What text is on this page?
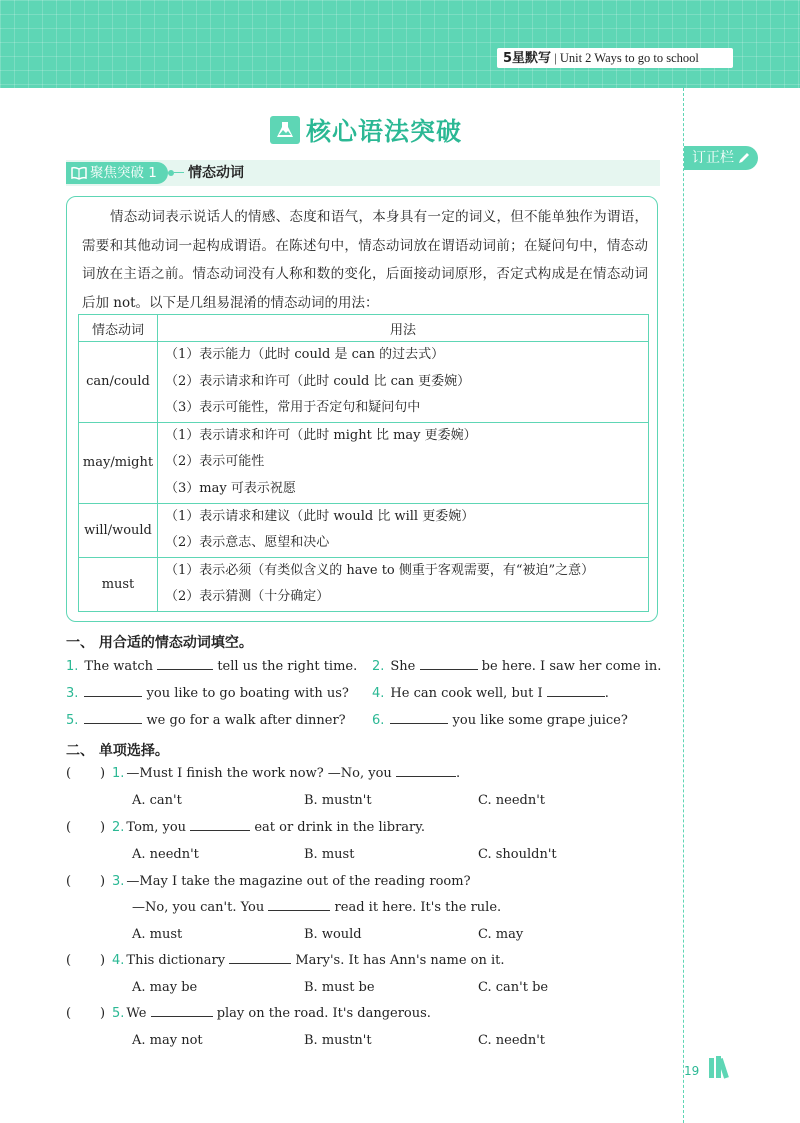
5星默写 | Unit 2 Ways to go to school
订正栏
核心语法突破
聚焦突破 1	情态动词
情态动词表示说话人的情感、态度和语气，本身具有一定的词义，但不能单独作为谓语，需要和其他动词一起构成谓语。在陈述句中，情态动词放在谓语动词前；在疑问句中，情态动词放在主语之前。情态动词没有人称和数的变化，后面接动词原形，否定式构成是在情态动词后加 not。以下是几组易混淆的情态动词的用法：
情态动词	用法
can/could	（1）表示能力（此时 could 是 can 的过去式）
（2）表示请求和许可（此时 could 比 can 更委婉）
（3）表示可能性，常用于否定句和疑问句中

may/might	（1）表示请求和许可（此时 might 比 may 更委婉）
（2）表示可能性
（3）may 可表示祝愿

will/would	（1）表示请求和建议（此时 would 比 will 更委婉）
（2）表示意志、愿望和决心

must	（1）表示必须（有类似含义的 have to 侧重于客观需要，有“被迫”之意）
（2）表示猜测（十分确定）
一、 用合适的情态动词填空。
1. The watch	tell us the right time. 2. She	be here. I saw her come in.
3.	you like to go boating with us? 4. He can cook well, but I	.
5.	we go for a walk after dinner? 6.	you like some grape juice?
二、 单项选择。
(       ) 1. —Must I finish the work now? —No, you	.
A. can't	B. mustn't	C. needn't
(       ) 2. Tom, you	eat or drink in the library.
A. needn't	B. must	C. shouldn't
(       ) 3. —May I take the magazine out of the reading room?
—No, you can't. You	read it here. It's the rule.
A. must	B. would	C. may
(       ) 4. This dictionary	Mary's. It has Ann's name on it.
A. may be	B. must be	C. can't be
(       ) 5. We	play on the road. It's dangerous.
A. may not	B. mustn't	C. needn't
19
